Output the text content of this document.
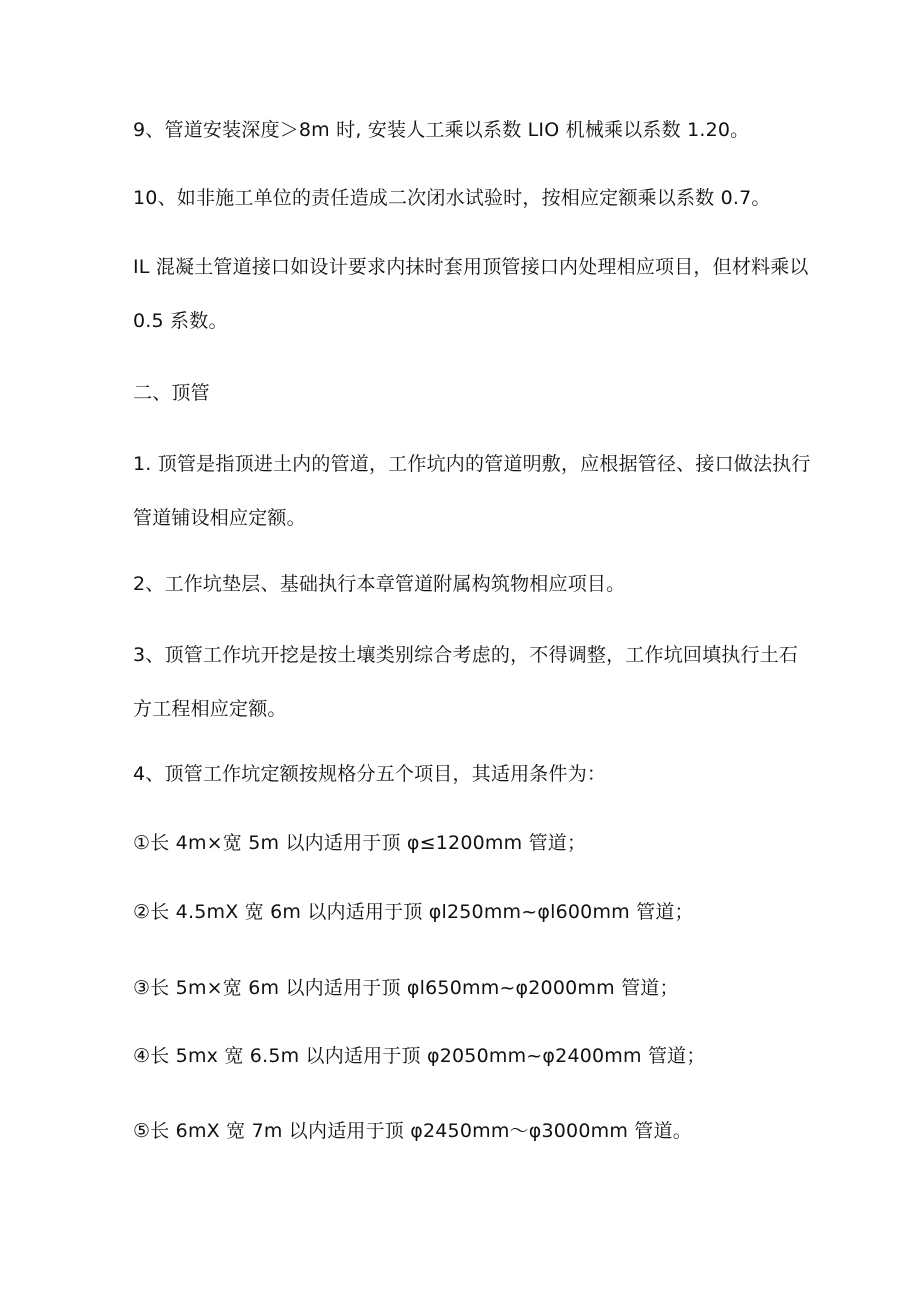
9、管道安装深度＞8m 时, 安装人工乘以系数 LIO 机械乘以系数 1.20。

10、如非施工单位的责任造成二次闭水试验时，按相应定额乘以系数 0.7。

IL 混凝土管道接口如设计要求内抹时套用顶管接口内处理相应项目，但材料乘以 0.5 系数。

二、顶管

1. 顶管是指顶进土内的管道，工作坑内的管道明敷，应根据管径、接口做法执行管道铺设相应定额。

2、工作坑垫层、基础执行本章管道附属构筑物相应项目。

3、顶管工作坑开挖是按土壤类别综合考虑的，不得调整，工作坑回填执行土石方工程相应定额。

4、顶管工作坑定额按规格分五个项目，其适用条件为：

①长 4m×宽 5m 以内适用于顶 φ≤1200mm 管道；

②长 4.5mX 宽 6m 以内适用于顶 φl250mm~φl600mm 管道；

③长 5m×宽 6m 以内适用于顶 φl650mm~φ2000mm 管道；

④长 5mx 宽 6.5m 以内适用于顶 φ2050mm~φ2400mm 管道；

⑤长 6mX 宽 7m 以内适用于顶 φ2450mm～φ3000mm 管道。
